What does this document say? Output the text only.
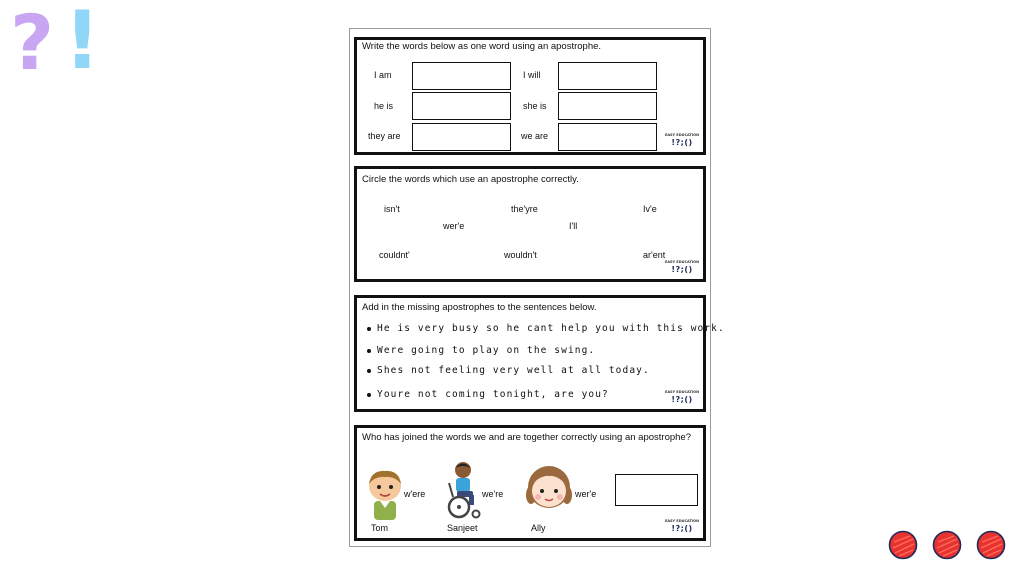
? !	Write the words below as one word using an apostrophe.
I am	I will
he is	she is
they are	we are	EASY EDUCATION
!?;()
Circle the words which use an apostrophe correctly.
isn't	the'yre	Iv'e
wer'e	I'll
couldnt'	wouldn't	ar'ent
EASY EDUCATION
!?;()
Add in the missing apostrophes to the sentences below.
He is very busy so he cant help you with this work.
Were going to play on the swing.
Shes not feeling very well at all today.
Youre not coming tonight, are you?	EASY EDUCATION
!?;()
Who has joined the words we and are together correctly using an apostrophe?
w'ere
Tom
we're
Sanjeet
wer'e
Ally
EASY EDUCATION
!?;()
